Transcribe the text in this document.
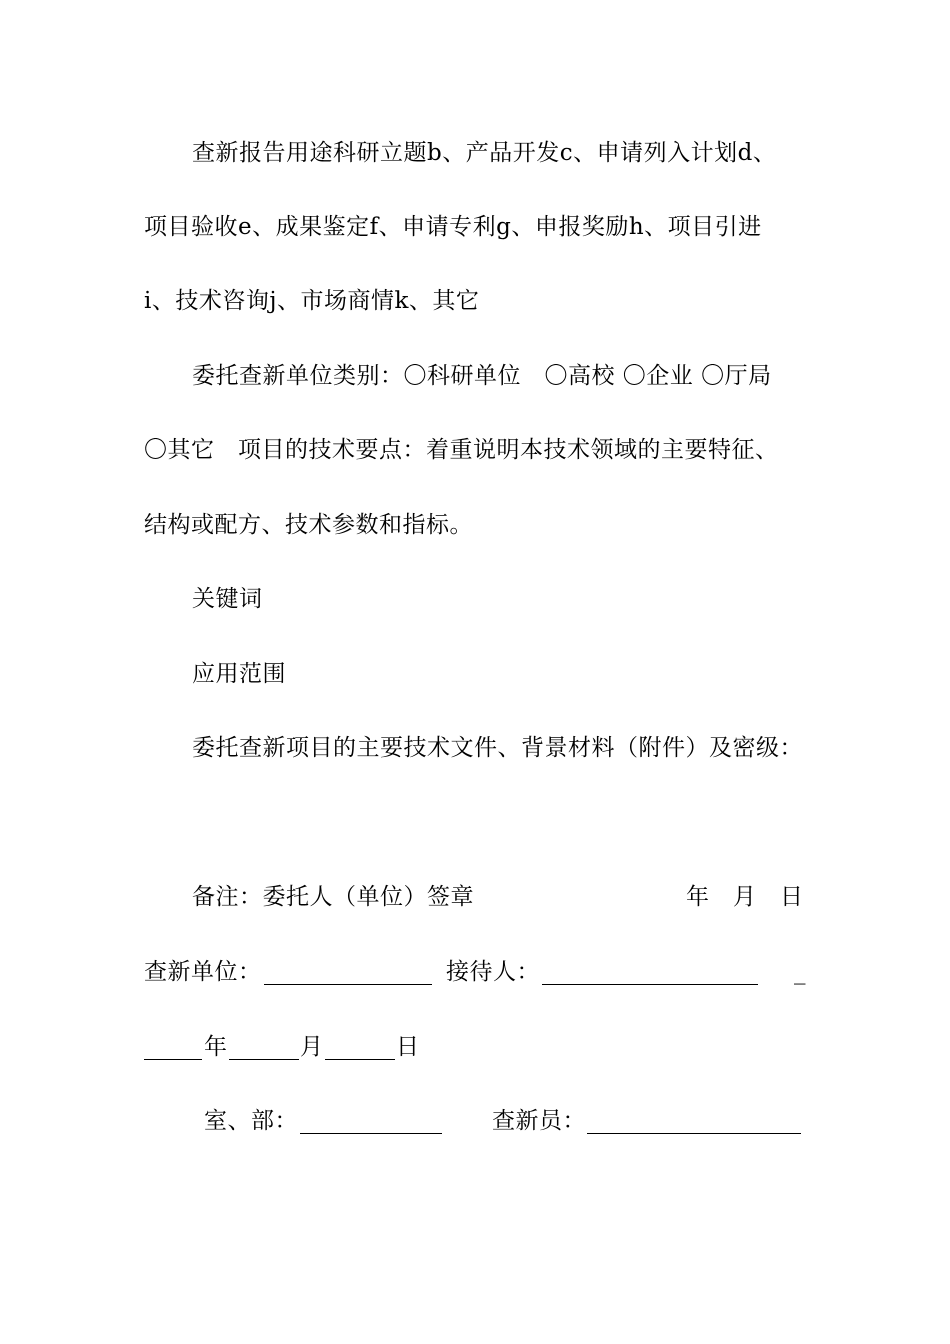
查新报告用途科研立题b、产品开发c、申请列入计划d、
项目验收e、成果鉴定f、申请专利g、申报奖励h、项目引进
i、技术咨询j、市场商情k、其它
委托查新单位类别：〇科研单位　〇高校 〇企业 〇厅局
〇其它　项目的技术要点：着重说明本技术领域的主要特征、
结构或配方、技术参数和指标。
关键词
应用范围
委托查新项目的主要技术文件、背景材料（附件）及密级：
备注：委托人（单位）签章	年　月　日
查新单位：	接待人：	_
年	月	日
室、部：	查新员：
